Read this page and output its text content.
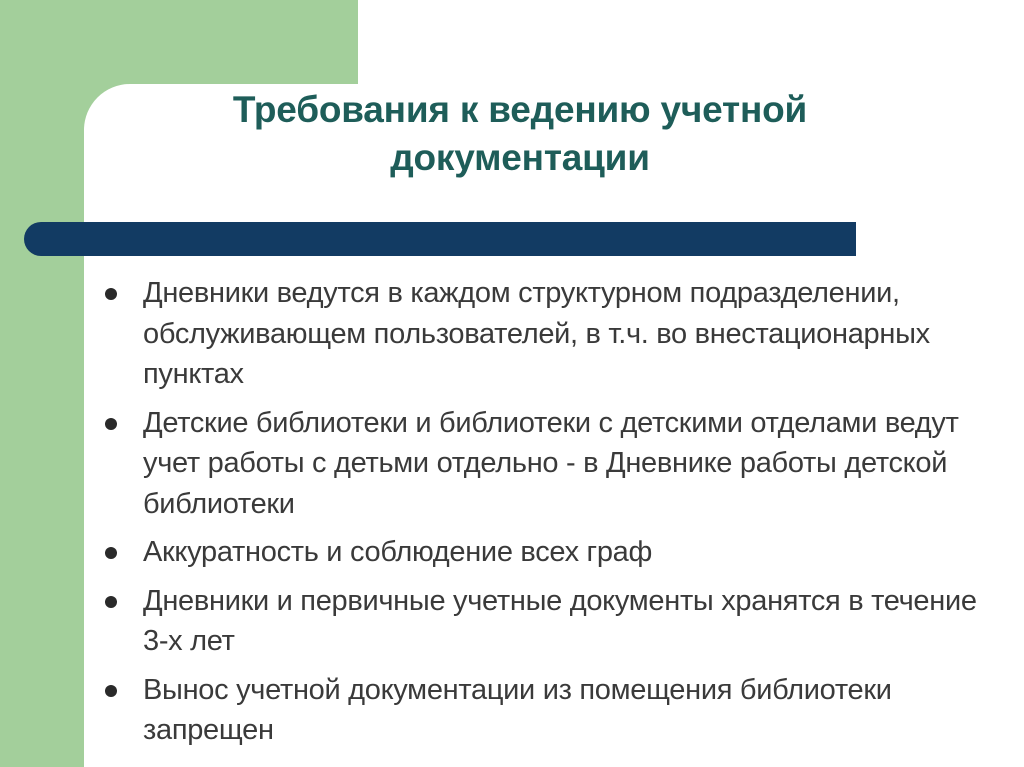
Требования к ведению учетной
документации
Дневники ведутся в каждом структурном подразделении, обслуживающем пользователей, в т.ч. во внестационарных пунктах
Детские библиотеки и библиотеки с детскими отделами ведут учет работы с детьми отдельно - в Дневнике работы детской библиотеки
Аккуратность и соблюдение всех граф
Дневники и первичные учетные документы хранятся в течение 3-х лет
Вынос учетной документации из помещения библиотеки запрещен
